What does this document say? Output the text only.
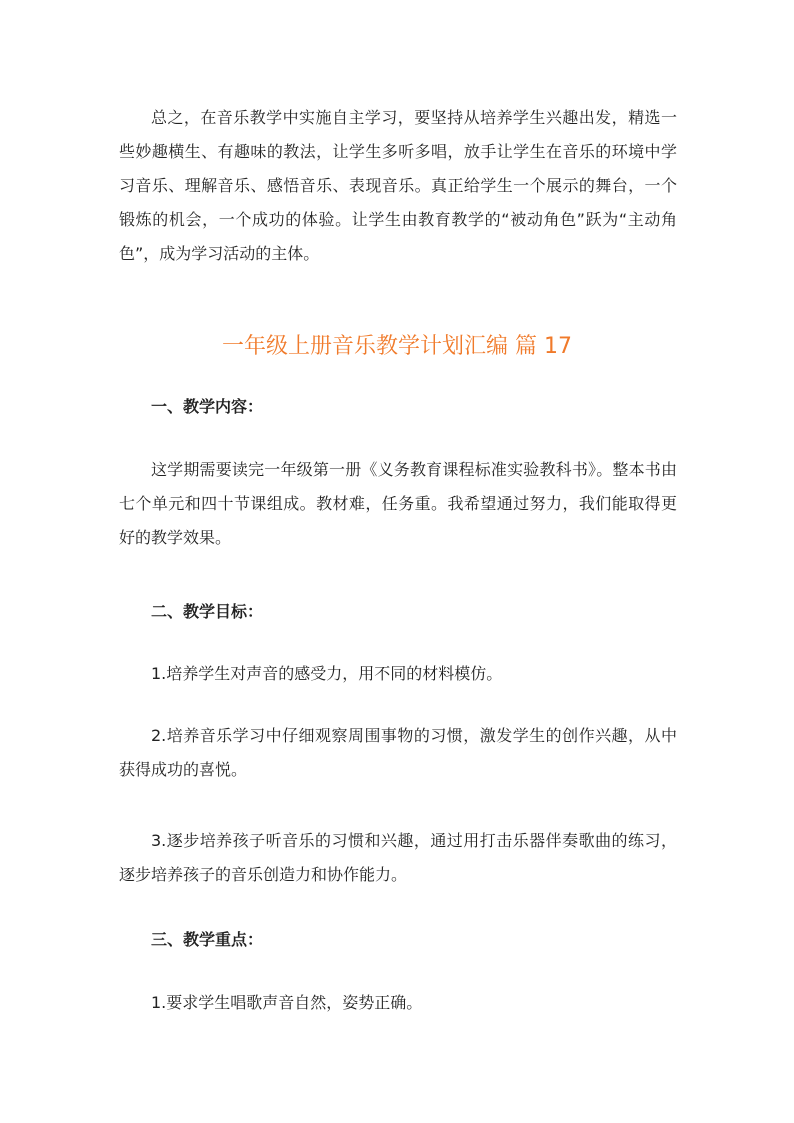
总之，在音乐教学中实施自主学习，要坚持从培养学生兴趣出发，精选一些妙趣横生、有趣味的教法，让学生多听多唱，放手让学生在音乐的环境中学习音乐、理解音乐、感悟音乐、表现音乐。真正给学生一个展示的舞台，一个锻炼的机会，一个成功的体验。让学生由教育教学的“被动角色”跃为“主动角色”，成为学习活动的主体。

一年级上册音乐教学计划汇编 篇 17

一、教学内容：

这学期需要读完一年级第一册《义务教育课程标准实验教科书》。整本书由七个单元和四十节课组成。教材难，任务重。我希望通过努力，我们能取得更好的教学效果。

二、教学目标：

1.培养学生对声音的感受力，用不同的材料模仿。

2.培养音乐学习中仔细观察周围事物的习惯，激发学生的创作兴趣，从中获得成功的喜悦。

3.逐步培养孩子听音乐的习惯和兴趣，通过用打击乐器伴奏歌曲的练习，逐步培养孩子的音乐创造力和协作能力。

三、教学重点：

1.要求学生唱歌声音自然，姿势正确。
